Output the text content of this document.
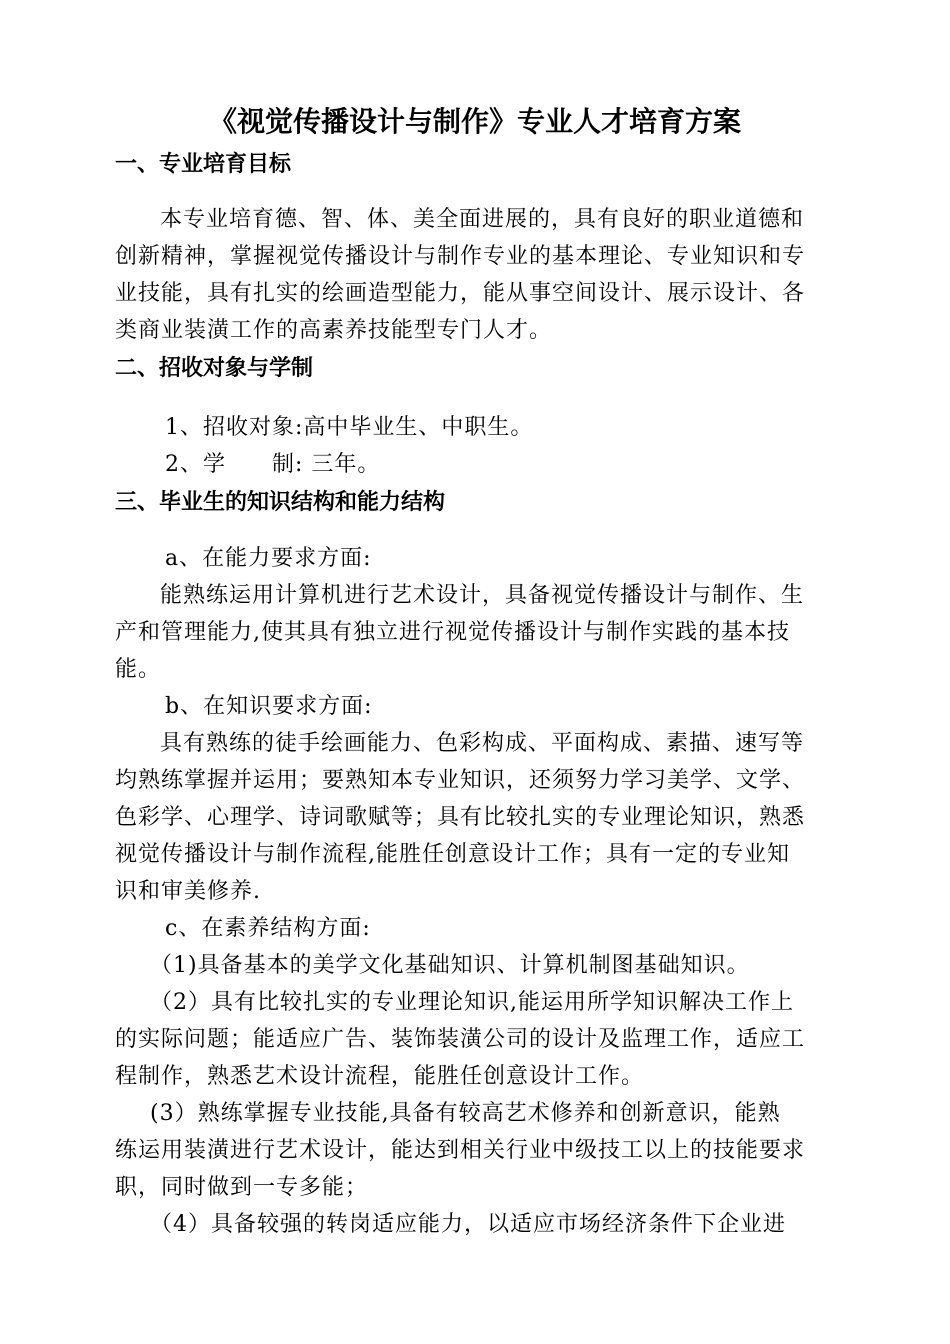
《视觉传播设计与制作》专业人才培育方案
一、专业培育目标
本专业培育德、智、体、美全面进展的，具有良好的职业道德和
创新精神，掌握视觉传播设计与制作专业的基本理论、专业知识和专
业技能，具有扎实的绘画造型能力，能从事空间设计、展示设计、各
类商业装潢工作的高素养技能型专门人才。
二、招收对象与学制
1、招收对象:高中毕业生、中职生。
2、学　　制: 三年。
三、毕业生的知识结构和能力结构
a、在能力要求方面:
能熟练运用计算机进行艺术设计，具备视觉传播设计与制作、生
产和管理能力,使其具有独立进行视觉传播设计与制作实践的基本技
能。
b、在知识要求方面:
具有熟练的徒手绘画能力、色彩构成、平面构成、素描、速写等
均熟练掌握并运用；要熟知本专业知识，还须努力学习美学、文学、
色彩学、心理学、诗词歌赋等；具有比较扎实的专业理论知识，熟悉
视觉传播设计与制作流程,能胜任创意设计工作；具有一定的专业知
识和审美修养.
c、在素养结构方面:
（1)具备基本的美学文化基础知识、计算机制图基础知识。
（2）具有比较扎实的专业理论知识,能运用所学知识解决工作上
的实际问题；能适应广告、装饰装潢公司的设计及监理工作，适应工
程制作，熟悉艺术设计流程，能胜任创意设计工作。
(3）熟练掌握专业技能,具备有较高艺术修养和创新意识，能熟
练运用装潢进行艺术设计，能达到相关行业中级技工以上的技能要求
职，同时做到一专多能；
（4）具备较强的转岗适应能力，以适应市场经济条件下企业进
